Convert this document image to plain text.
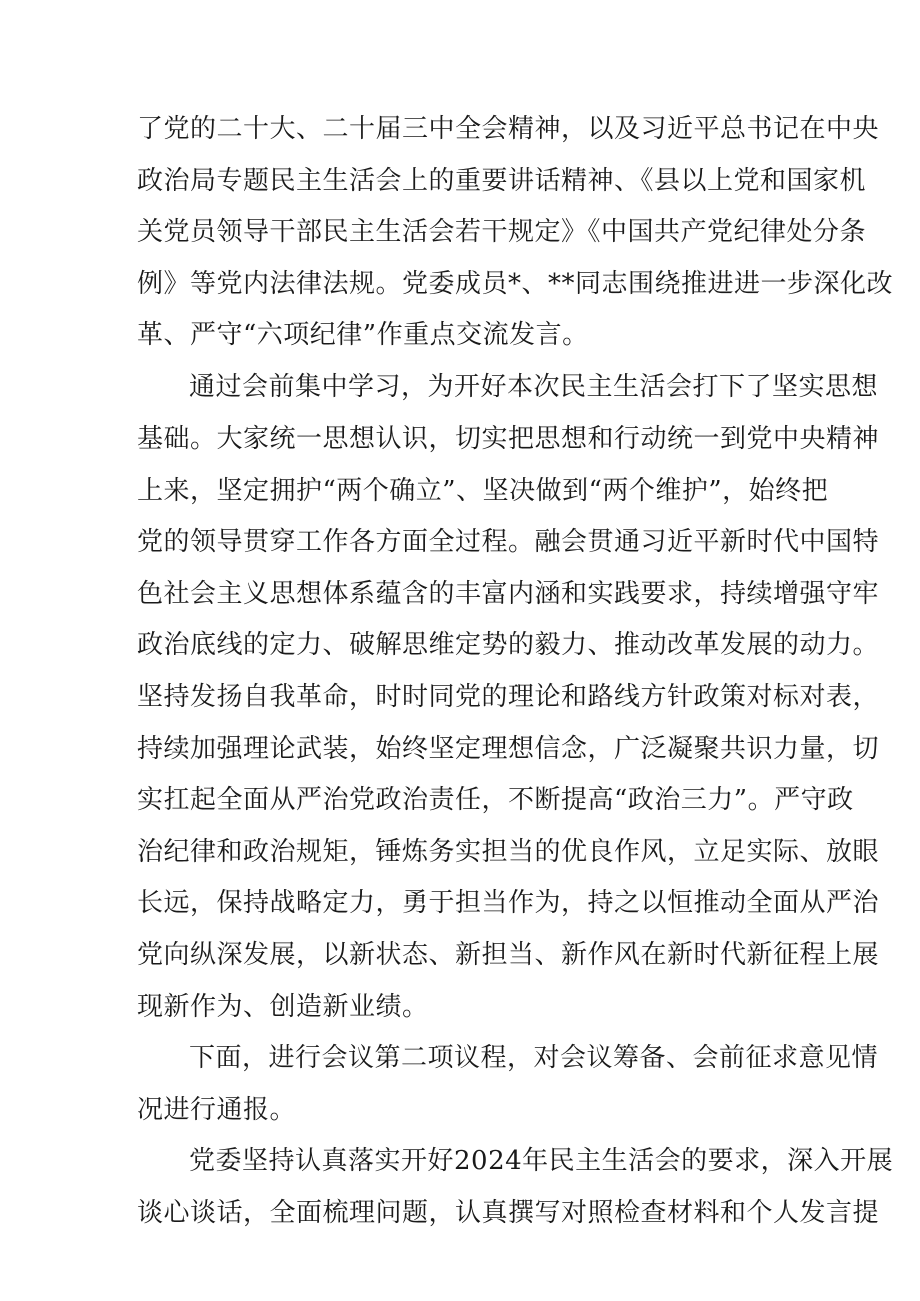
了党的二十大、二十届三中全会精神，以及习近平总书记在中央
政治局专题民主生活会上的重要讲话精神、《县以上党和国家机
关党员领导干部民主生活会若干规定》《中国共产党纪律处分条
例》等党内法律法规。党委成员*、**同志围绕推进进一步深化改
革、严守“六项纪律”作重点交流发言。
通过会前集中学习，为开好本次民主生活会打下了坚实思想
基础。大家统一思想认识，切实把思想和行动统一到党中央精神
上来，坚定拥护“两个确立”、坚决做到“两个维护”，始终把
党的领导贯穿工作各方面全过程。融会贯通习近平新时代中国特
色社会主义思想体系蕴含的丰富内涵和实践要求，持续增强守牢
政治底线的定力、破解思维定势的毅力、推动改革发展的动力。
坚持发扬自我革命，时时同党的理论和路线方针政策对标对表，
持续加强理论武装，始终坚定理想信念，广泛凝聚共识力量，切
实扛起全面从严治党政治责任，不断提高“政治三力”。严守政
治纪律和政治规矩，锤炼务实担当的优良作风，立足实际、放眼
长远，保持战略定力，勇于担当作为，持之以恒推动全面从严治
党向纵深发展，以新状态、新担当、新作风在新时代新征程上展
现新作为、创造新业绩。
下面，进行会议第二项议程，对会议筹备、会前征求意见情
况进行通报。
党委坚持认真落实开好2024年民主生活会的要求，深入开展
谈心谈话，全面梳理问题，认真撰写对照检查材料和个人发言提
